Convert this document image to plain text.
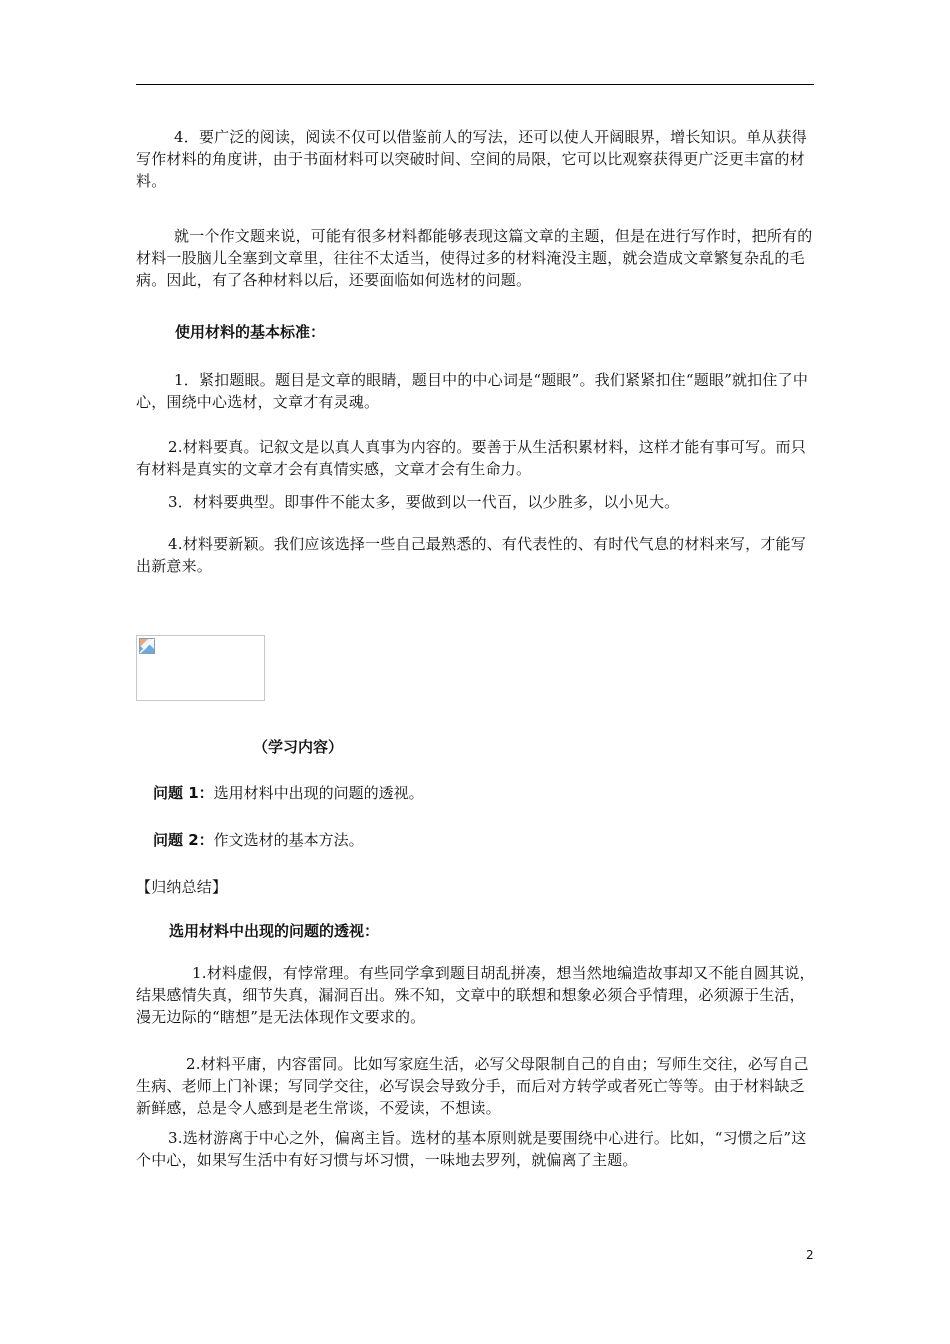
4．要广泛的阅读，阅读不仅可以借鉴前人的写法，还可以使人开阔眼界，增长知识。单从获得写作材料的角度讲，由于书面材料可以突破时间、空间的局限，它可以比观察获得更广泛更丰富的材料。

就一个作文题来说，可能有很多材料都能够表现这篇文章的主题，但是在进行写作时，把所有的材料一股脑儿全塞到文章里，往往不太适当，使得过多的材料淹没主题，就会造成文章繁复杂乱的毛病。因此，有了各种材料以后，还要面临如何选材的问题。

使用材料的基本标准：

1．紧扣题眼。题目是文章的眼睛，题目中的中心词是“题眼”。我们紧紧扣住“题眼”就扣住了中心，围绕中心选材，文章才有灵魂。

2.材料要真。记叙文是以真人真事为内容的。要善于从生活积累材料，这样才能有事可写。而只有材料是真实的文章才会有真情实感，文章才会有生命力。

3．材料要典型。即事件不能太多，要做到以一代百，以少胜多，以小见大。

4.材料要新颖。我们应该选择一些自己最熟悉的、有代表性的、有时代气息的材料来写，才能写出新意来。

（学习内容）

问题 1：选用材料中出现的问题的透视。

问题 2：作文选材的基本方法。

【归纳总结】

选用材料中出现的问题的透视：

1.材料虚假，有悖常理。有些同学拿到题目胡乱拼凑，想当然地编造故事却又不能自圆其说，结果感情失真，细节失真，漏洞百出。殊不知，文章中的联想和想象必须合乎情理，必须源于生活，漫无边际的“瞎想”是无法体现作文要求的。

2.材料平庸，内容雷同。比如写家庭生活，必写父母限制自己的自由；写师生交往，必写自己生病、老师上门补课；写同学交往，必写误会导致分手，而后对方转学或者死亡等等。由于材料缺乏新鲜感，总是令人感到是老生常谈，不爱读，不想读。

3.选材游离于中心之外，偏离主旨。选材的基本原则就是要围绕中心进行。比如，“习惯之后”这个中心，如果写生活中有好习惯与坏习惯，一味地去罗列，就偏离了主题。

2
